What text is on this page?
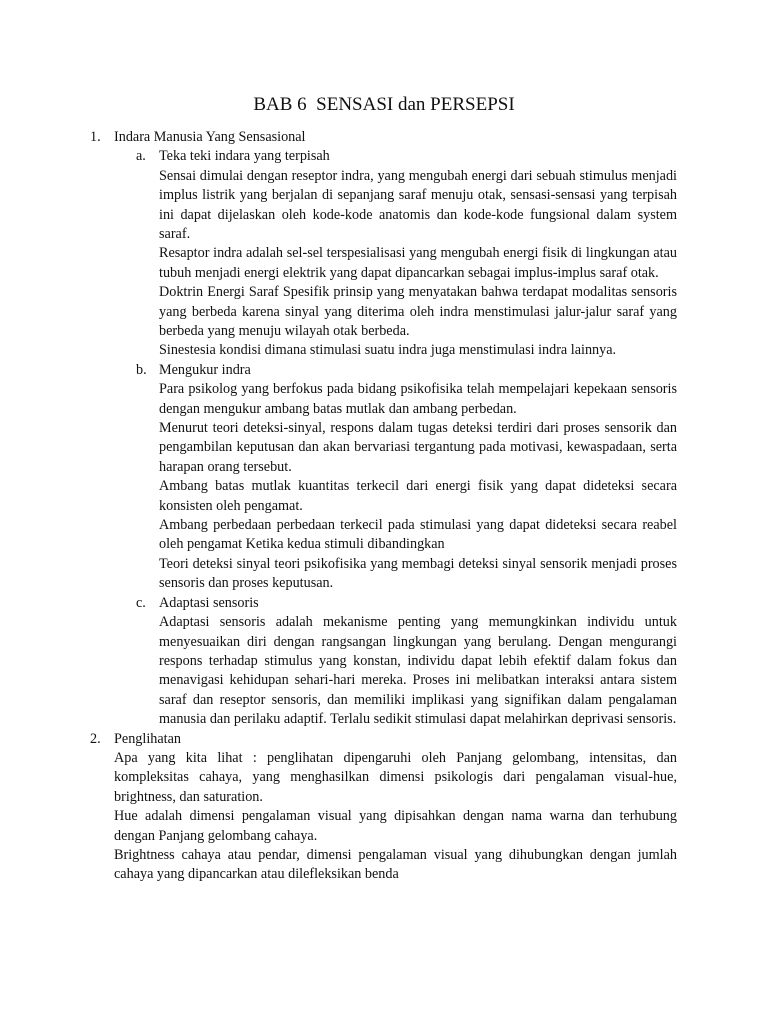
BAB 6  SENSASI dan PERSEPSI
1. Indara Manusia Yang Sensasional
a. Teka teki indara yang terpisah

Sensai dimulai dengan reseptor indra, yang mengubah energi dari sebuah stimulus menjadi implus listrik yang berjalan di sepanjang saraf menuju otak, sensasi-sensasi yang terpisah ini dapat dijelaskan oleh kode-kode anatomis dan kode-kode fungsional dalam system saraf.

Resaptor indra adalah sel-sel terspesialisasi yang mengubah energi fisik di lingkungan atau tubuh menjadi energi elektrik yang dapat dipancarkan sebagai implus-implus saraf otak.

Doktrin Energi Saraf Spesifik prinsip yang menyatakan bahwa terdapat modalitas sensoris yang berbeda karena sinyal yang diterima oleh indra menstimulasi jalur-jalur saraf yang berbeda yang menuju wilayah otak berbeda.

Sinestesia kondisi dimana stimulasi suatu indra juga menstimulasi indra lainnya.

b. Mengukur indra

Para psikolog yang berfokus pada bidang psikofisika telah mempelajari kepekaan sensoris dengan mengukur ambang batas mutlak dan ambang perbedan.

Menurut teori deteksi-sinyal, respons dalam tugas deteksi terdiri dari proses sensorik dan pengambilan keputusan dan akan bervariasi tergantung pada motivasi, kewaspadaan, serta harapan orang tersebut.

Ambang batas mutlak kuantitas terkecil dari energi fisik yang dapat dideteksi secara konsisten oleh pengamat.

Ambang perbedaan perbedaan terkecil pada stimulasi yang dapat dideteksi secara reabel oleh pengamat Ketika kedua stimuli dibandingkan

Teori deteksi sinyal teori psikofisika yang membagi deteksi sinyal sensorik menjadi proses sensoris dan proses keputusan.

c. Adaptasi sensoris

Adaptasi sensoris adalah mekanisme penting yang memungkinkan individu untuk menyesuaikan diri dengan rangsangan lingkungan yang berulang. Dengan mengurangi respons terhadap stimulus yang konstan, individu dapat lebih efektif dalam fokus dan menavigasi kehidupan sehari-hari mereka. Proses ini melibatkan interaksi antara sistem saraf dan reseptor sensoris, dan memiliki implikasi yang signifikan dalam pengalaman manusia dan perilaku adaptif. Terlalu sedikit stimulasi dapat melahirkan deprivasi sensoris.

2. Penglihatan

Apa yang kita lihat : penglihatan dipengaruhi oleh Panjang gelombang, intensitas, dan kompleksitas cahaya, yang menghasilkan dimensi psikologis dari pengalaman visual-hue, brightness, dan saturation.

Hue adalah dimensi pengalaman visual yang dipisahkan dengan nama warna dan terhubung dengan Panjang gelombang cahaya.

Brightness cahaya atau pendar, dimensi pengalaman visual yang dihubungkan dengan jumlah cahaya yang dipancarkan atau dilefleksikan benda
